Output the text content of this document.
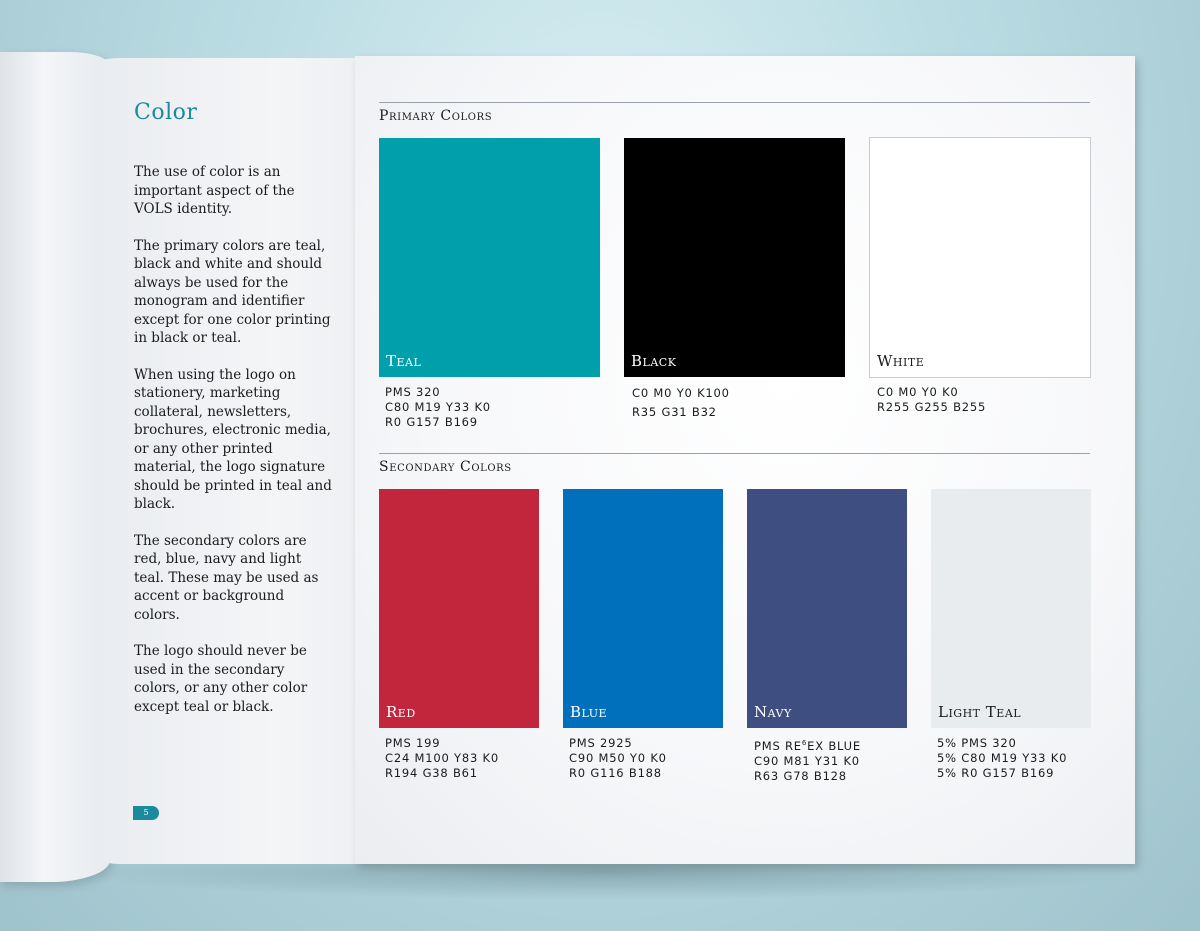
Color

The use of color is an important aspect of the VOLS identity.

The primary colors are teal, black and white and should always be used for the monogram and identifier except for one color printing in black or teal.

When using the logo on stationery, marketing collateral, newsletters, brochures, electronic media, or any other printed material, the logo signature should be printed in teal and black.

The secondary colors are red, blue, navy and light teal. These may be used as accent or background colors.

The logo should never be used in the secondary colors, or any other color except teal or black.

5
Primary Colors
Teal
PMS 320
C80 M19 Y33 K0
R0 G157 B169
Black
C0 M0 Y0 K100
R35 G31 B32
White
C0 M0 Y0 K0
R255 G255 B255
Secondary Colors
Red
PMS 199
C24 M100 Y83 K0
R194 G38 B61
Blue
PMS 2925
C90 M50 Y0 K0
R0 G116 B188
Navy
PMS $RE^6EX$ BLUE
C90 M81 Y31 K0
R63 G78 B128
Light Teal
5% PMS 320
5% C80 M19 Y33 K0
5% R0 G157 B169
